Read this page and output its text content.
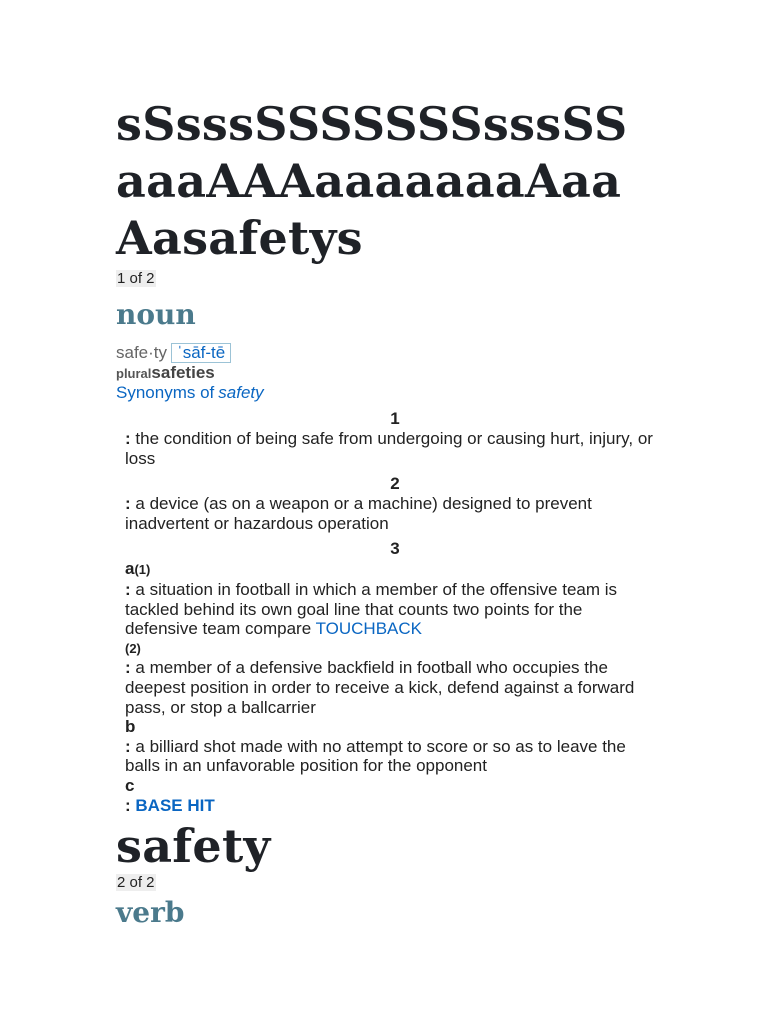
sSsssSSSSSSSsssSS
aaaAAAaaaaaaaAaa
Aasafetys
1 of 2
noun
safe·ty ˈsāf-tē
pluralsafeties
Synonyms of safety
1

: the condition of being safe from undergoing or causing hurt, injury, or loss

2

: a device (as on a weapon or a machine) designed to prevent inadvertent or hazardous operation

3
a(1)

: a situation in football in which a member of the offensive team is tackled behind its own goal line that counts two points for the defensive team compare TOUCHBACK

(2)

: a member of a defensive backfield in football who occupies the deepest position in order to receive a kick, defend against a forward pass, or stop a ballcarrier

b

: a billiard shot made with no attempt to score or so as to leave the balls in an unfavorable position for the opponent

c

: BASE HIT

safety
2 of 2
verb
